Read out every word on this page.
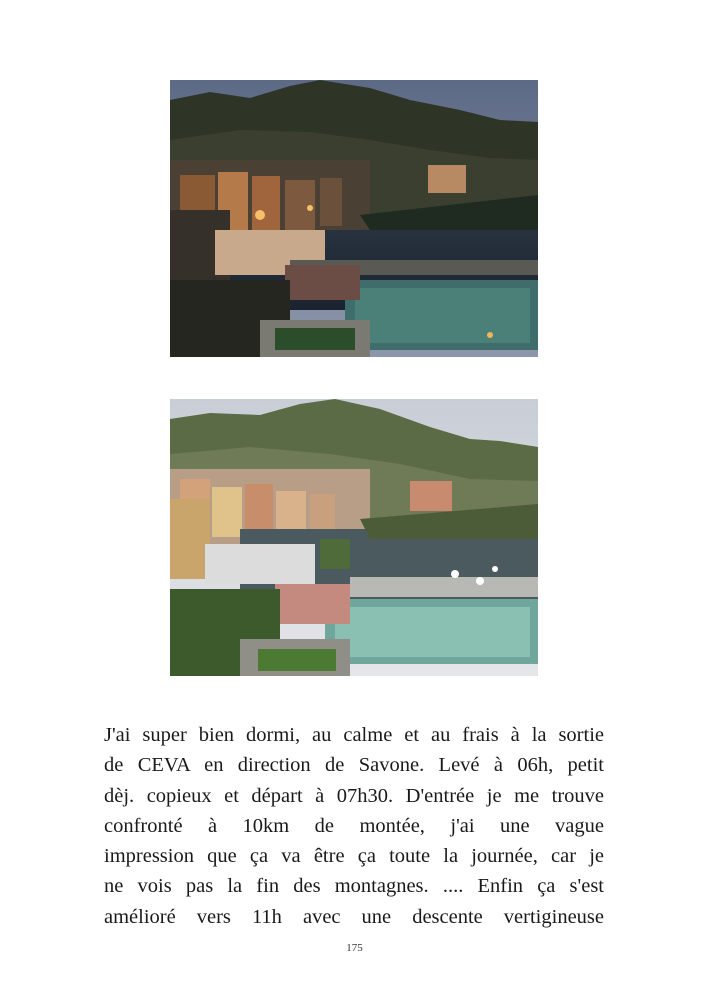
J'ai super bien dormi, au calme et au frais à la sortie
de CEVA en direction de Savone. Levé à 06h, petit
dèj. copieux et départ à 07h30. D'entrée je me trouve
confronté à 10km de montée, j'ai une vague
impression que ça va être ça toute la journée, car je
ne vois pas la fin des montagnes. .... Enfin ça s'est
amélioré vers 11h avec une descente vertigineuse
175
